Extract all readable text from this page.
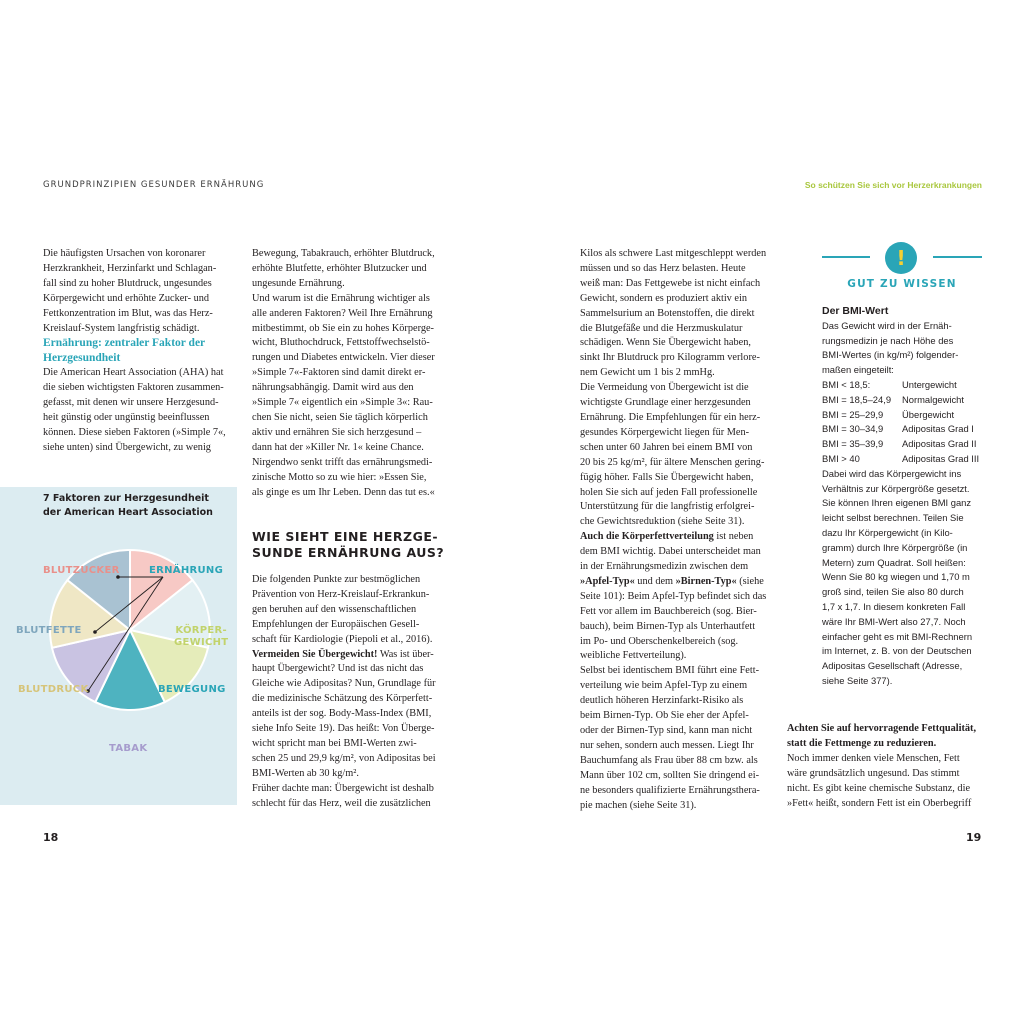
GRUNDPRINZIPIEN GESUNDER ERNÄHRUNG	So schützen Sie sich vor Herzerkrankungen

Die häufigsten Ursachen von koronarer
Herzkrankheit, Herzinfarkt und Schlagan-
fall sind zu hoher Blutdruck, ungesundes
Körpergewicht und erhöhte Zucker- und
Fettkonzentration im Blut, was das Herz-
Kreislauf-System langfristig schädigt.

Ernährung: zentraler Faktor der
Herzgesundheit

Die American Heart Association (AHA) hat
die sieben wichtigsten Faktoren zusammen-
gefasst, mit denen wir unsere Herzgesund-
heit günstig oder ungünstig beeinflussen
können. Diese sieben Faktoren (»Simple 7«,
siehe unten) sind Übergewicht, zu wenig

7 Faktoren zur Herzgesundheit
der American Heart Association
BLUTZUCKER	ERNÄHRUNG
BLUTFETTE	KÖRPER-
GEWICHT
BLUTDRUCK	BEWEGUNG
TABAK

Bewegung, Tabakrauch, erhöhter Blutdruck,
erhöhte Blutfette, erhöhter Blutzucker und
ungesunde Ernährung.

Und warum ist die Ernährung wichtiger als
alle anderen Faktoren? Weil Ihre Ernährung
mitbestimmt, ob Sie ein zu hohes Körperge-
wicht, Bluthochdruck, Fettstoffwechselstö-
rungen und Diabetes entwickeln. Vier dieser
»Simple 7«-Faktoren sind damit direkt er-
nährungsabhängig. Damit wird aus den
»Simple 7« eigentlich ein »Simple 3«: Rau-
chen Sie nicht, seien Sie täglich körperlich
aktiv und ernähren Sie sich herzgesund –
dann hat der »Killer Nr. 1« keine Chance.
Nirgendwo senkt trifft das ernährungsmedi-
zinische Motto so zu wie hier: »Essen Sie,
als ginge es um Ihr Leben. Denn das tut es.«

WIE SIEHT EINE HERZGE-
SUNDE ERNÄHRUNG AUS?

Die folgenden Punkte zur bestmöglichen
Prävention von Herz-Kreislauf-Erkrankun-
gen beruhen auf den wissenschaftlichen
Empfehlungen der Europäischen Gesell-
schaft für Kardiologie (Piepoli et al., 2016).

Vermeiden Sie Übergewicht! Was ist über-
haupt Übergewicht? Und ist das nicht das
Gleiche wie Adipositas? Nun, Grundlage für
die medizinische Schätzung des Körperfett-
anteils ist der sog. Body-Mass-Index (BMI,
siehe Info Seite 19). Das heißt: Von Überge-
wicht spricht man bei BMI-Werten zwi-
schen 25 und 29,9 kg/m², von Adipositas bei
BMI-Werten ab 30 kg/m².

Früher dachte man: Übergewicht ist deshalb
schlecht für das Herz, weil die zusätzlichen

18

Kilos als schwere Last mitgeschleppt werden
müssen und so das Herz belasten. Heute
weiß man: Das Fettgewebe ist nicht einfach
Gewicht, sondern es produziert aktiv ein
Sammelsurium an Botenstoffen, die direkt
die Blutgefäße und die Herzmuskulatur
schädigen. Wenn Sie Übergewicht haben,
sinkt Ihr Blutdruck pro Kilogramm verlore-
nem Gewicht um 1 bis 2 mmHg.

Die Vermeidung von Übergewicht ist die
wichtigste Grundlage einer herzgesunden
Ernährung. Die Empfehlungen für ein herz-
gesundes Körpergewicht liegen für Men-
schen unter 60 Jahren bei einem BMI von
20 bis 25 kg/m², für ältere Menschen gering-
fügig höher. Falls Sie Übergewicht haben,
holen Sie sich auf jeden Fall professionelle
Unterstützung für die langfristig erfolgrei-
che Gewichtsreduktion (siehe Seite 31).

Auch die Körperfettverteilung ist neben
dem BMI wichtig. Dabei unterscheidet man
in der Ernährungsmedizin zwischen dem
»Apfel-Typ« und dem »Birnen-Typ« (siehe
Seite 101): Beim Apfel-Typ befindet sich das
Fett vor allem im Bauchbereich (sog. Bier-
bauch), beim Birnen-Typ als Unterhautfett
im Po- und Oberschenkelbereich (sog.
weibliche Fettverteilung).

Selbst bei identischem BMI führt eine Fett-
verteilung wie beim Apfel-Typ zu einem
deutlich höheren Herzinfarkt-Risiko als
beim Birnen-Typ. Ob Sie eher der Apfel-
oder der Birnen-Typ sind, kann man nicht
nur sehen, sondern auch messen. Liegt Ihr
Bauchumfang als Frau über 88 cm bzw. als
Mann über 102 cm, sollten Sie dringend ei-
ne besonders qualifizierte Ernährungsthera-
pie machen (siehe Seite 31).

!
GUT ZU WISSEN

Der BMI-Wert

Das Gewicht wird in der Ernäh-
rungsmedizin je nach Höhe des
BMI-Wertes (in kg/m²) folgender-
maßen eingeteilt:

BMI < 18,5:	Untergewicht
BMI = 18,5–24,9	Normalgewicht
BMI = 25–29,9	Übergewicht
BMI = 30–34,9	Adipositas Grad I
BMI = 35–39,9	Adipositas Grad II
BMI > 40	Adipositas Grad III

Dabei wird das Körpergewicht ins
Verhältnis zur Körpergröße gesetzt.
Sie können Ihren eigenen BMI ganz
leicht selbst berechnen. Teilen Sie
dazu Ihr Körpergewicht (in Kilo-
gramm) durch Ihre Körpergröße (in
Metern) zum Quadrat. Soll heißen:
Wenn Sie 80 kg wiegen und 1,70 m
groß sind, teilen Sie also 80 durch
1,7 x 1,7. In diesem konkreten Fall
wäre Ihr BMI-Wert also 27,7. Noch
einfacher geht es mit BMI-Rechnern
im Internet, z. B. von der Deutschen
Adipositas Gesellschaft (Adresse,
siehe Seite 377).

Achten Sie auf hervorragende Fettqualität,
statt die Fettmenge zu reduzieren.

Noch immer denken viele Menschen, Fett
wäre grundsätzlich ungesund. Das stimmt
nicht. Es gibt keine chemische Substanz, die
»Fett« heißt, sondern Fett ist ein Oberbegriff

19
